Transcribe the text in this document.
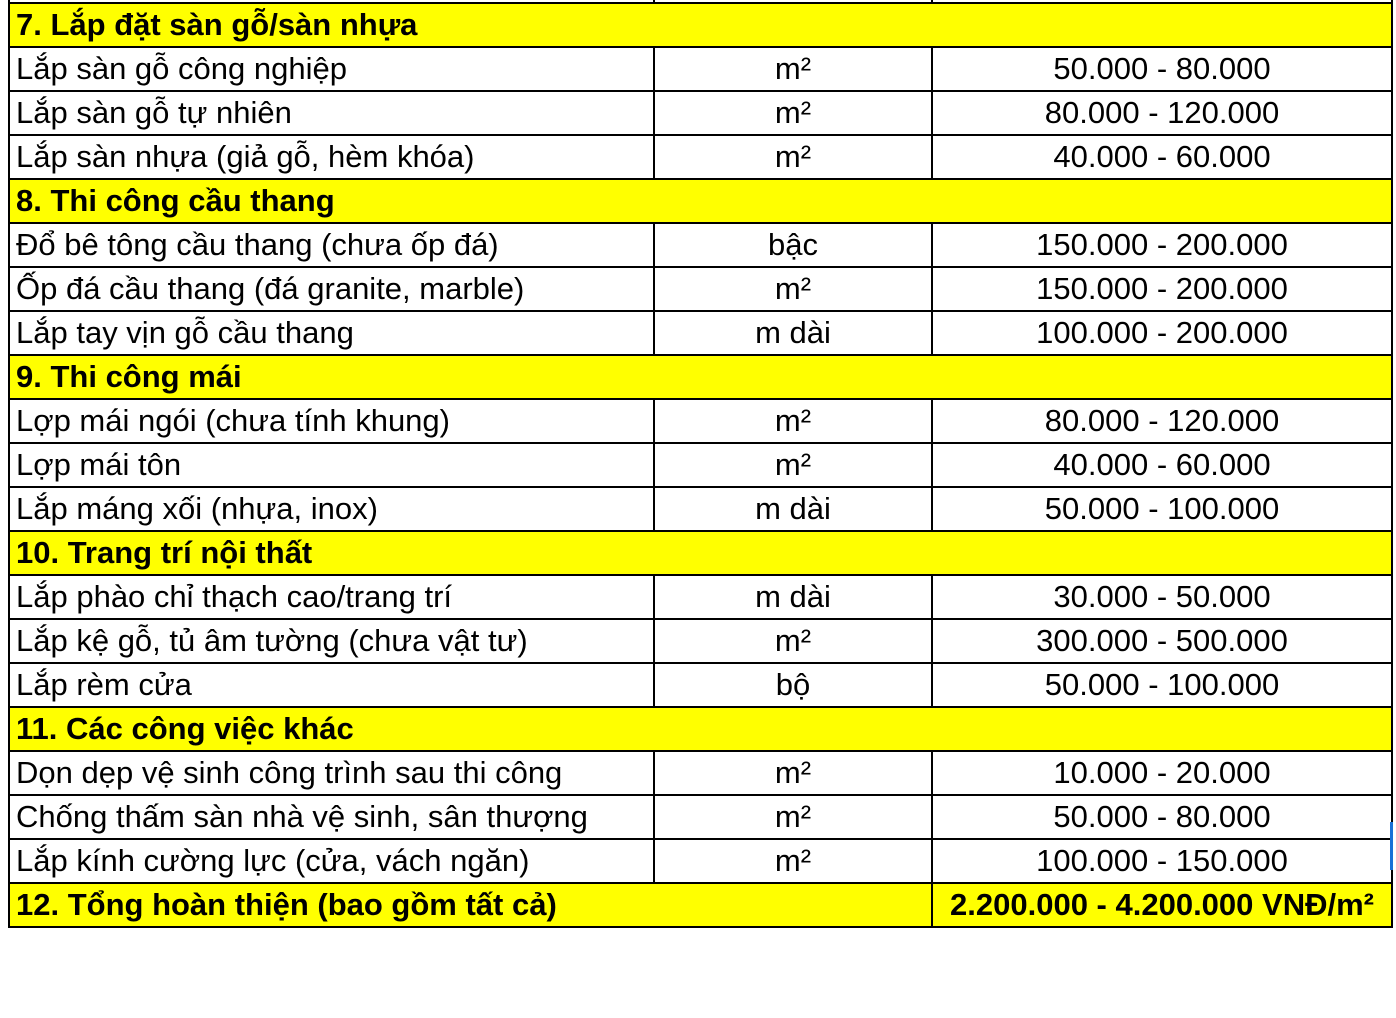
7. Lắp đặt sàn gỗ/sàn nhựa		
Lắp sàn gỗ công nghiệp	m²	50.000 - 80.000
Lắp sàn gỗ tự nhiên	m²	80.000 - 120.000
Lắp sàn nhựa (giả gỗ, hèm khóa)	m²	40.000 - 60.000
8. Thi công cầu thang		
Đổ bê tông cầu thang (chưa ốp đá)	bậc	150.000 - 200.000
Ốp đá cầu thang (đá granite, marble)	m²	150.000 - 200.000
Lắp tay vịn gỗ cầu thang	m dài	100.000 - 200.000
9. Thi công mái		
Lợp mái ngói (chưa tính khung)	m²	80.000 - 120.000
Lợp mái tôn	m²	40.000 - 60.000
Lắp máng xối (nhựa, inox)	m dài	50.000 - 100.000
10. Trang trí nội thất		
Lắp phào chỉ thạch cao/trang trí	m dài	30.000 - 50.000
Lắp kệ gỗ, tủ âm tường (chưa vật tư)	m²	300.000 - 500.000
Lắp rèm cửa	bộ	50.000 - 100.000
11. Các công việc khác		
Dọn dẹp vệ sinh công trình sau thi công	m²	10.000 - 20.000
Chống thấm sàn nhà vệ sinh, sân thượng	m²	50.000 - 80.000
Lắp kính cường lực (cửa, vách ngăn)	m²	100.000 - 150.000
12. Tổng hoàn thiện (bao gồm tất cả)		2.200.000 - 4.200.000 VNĐ/m²
